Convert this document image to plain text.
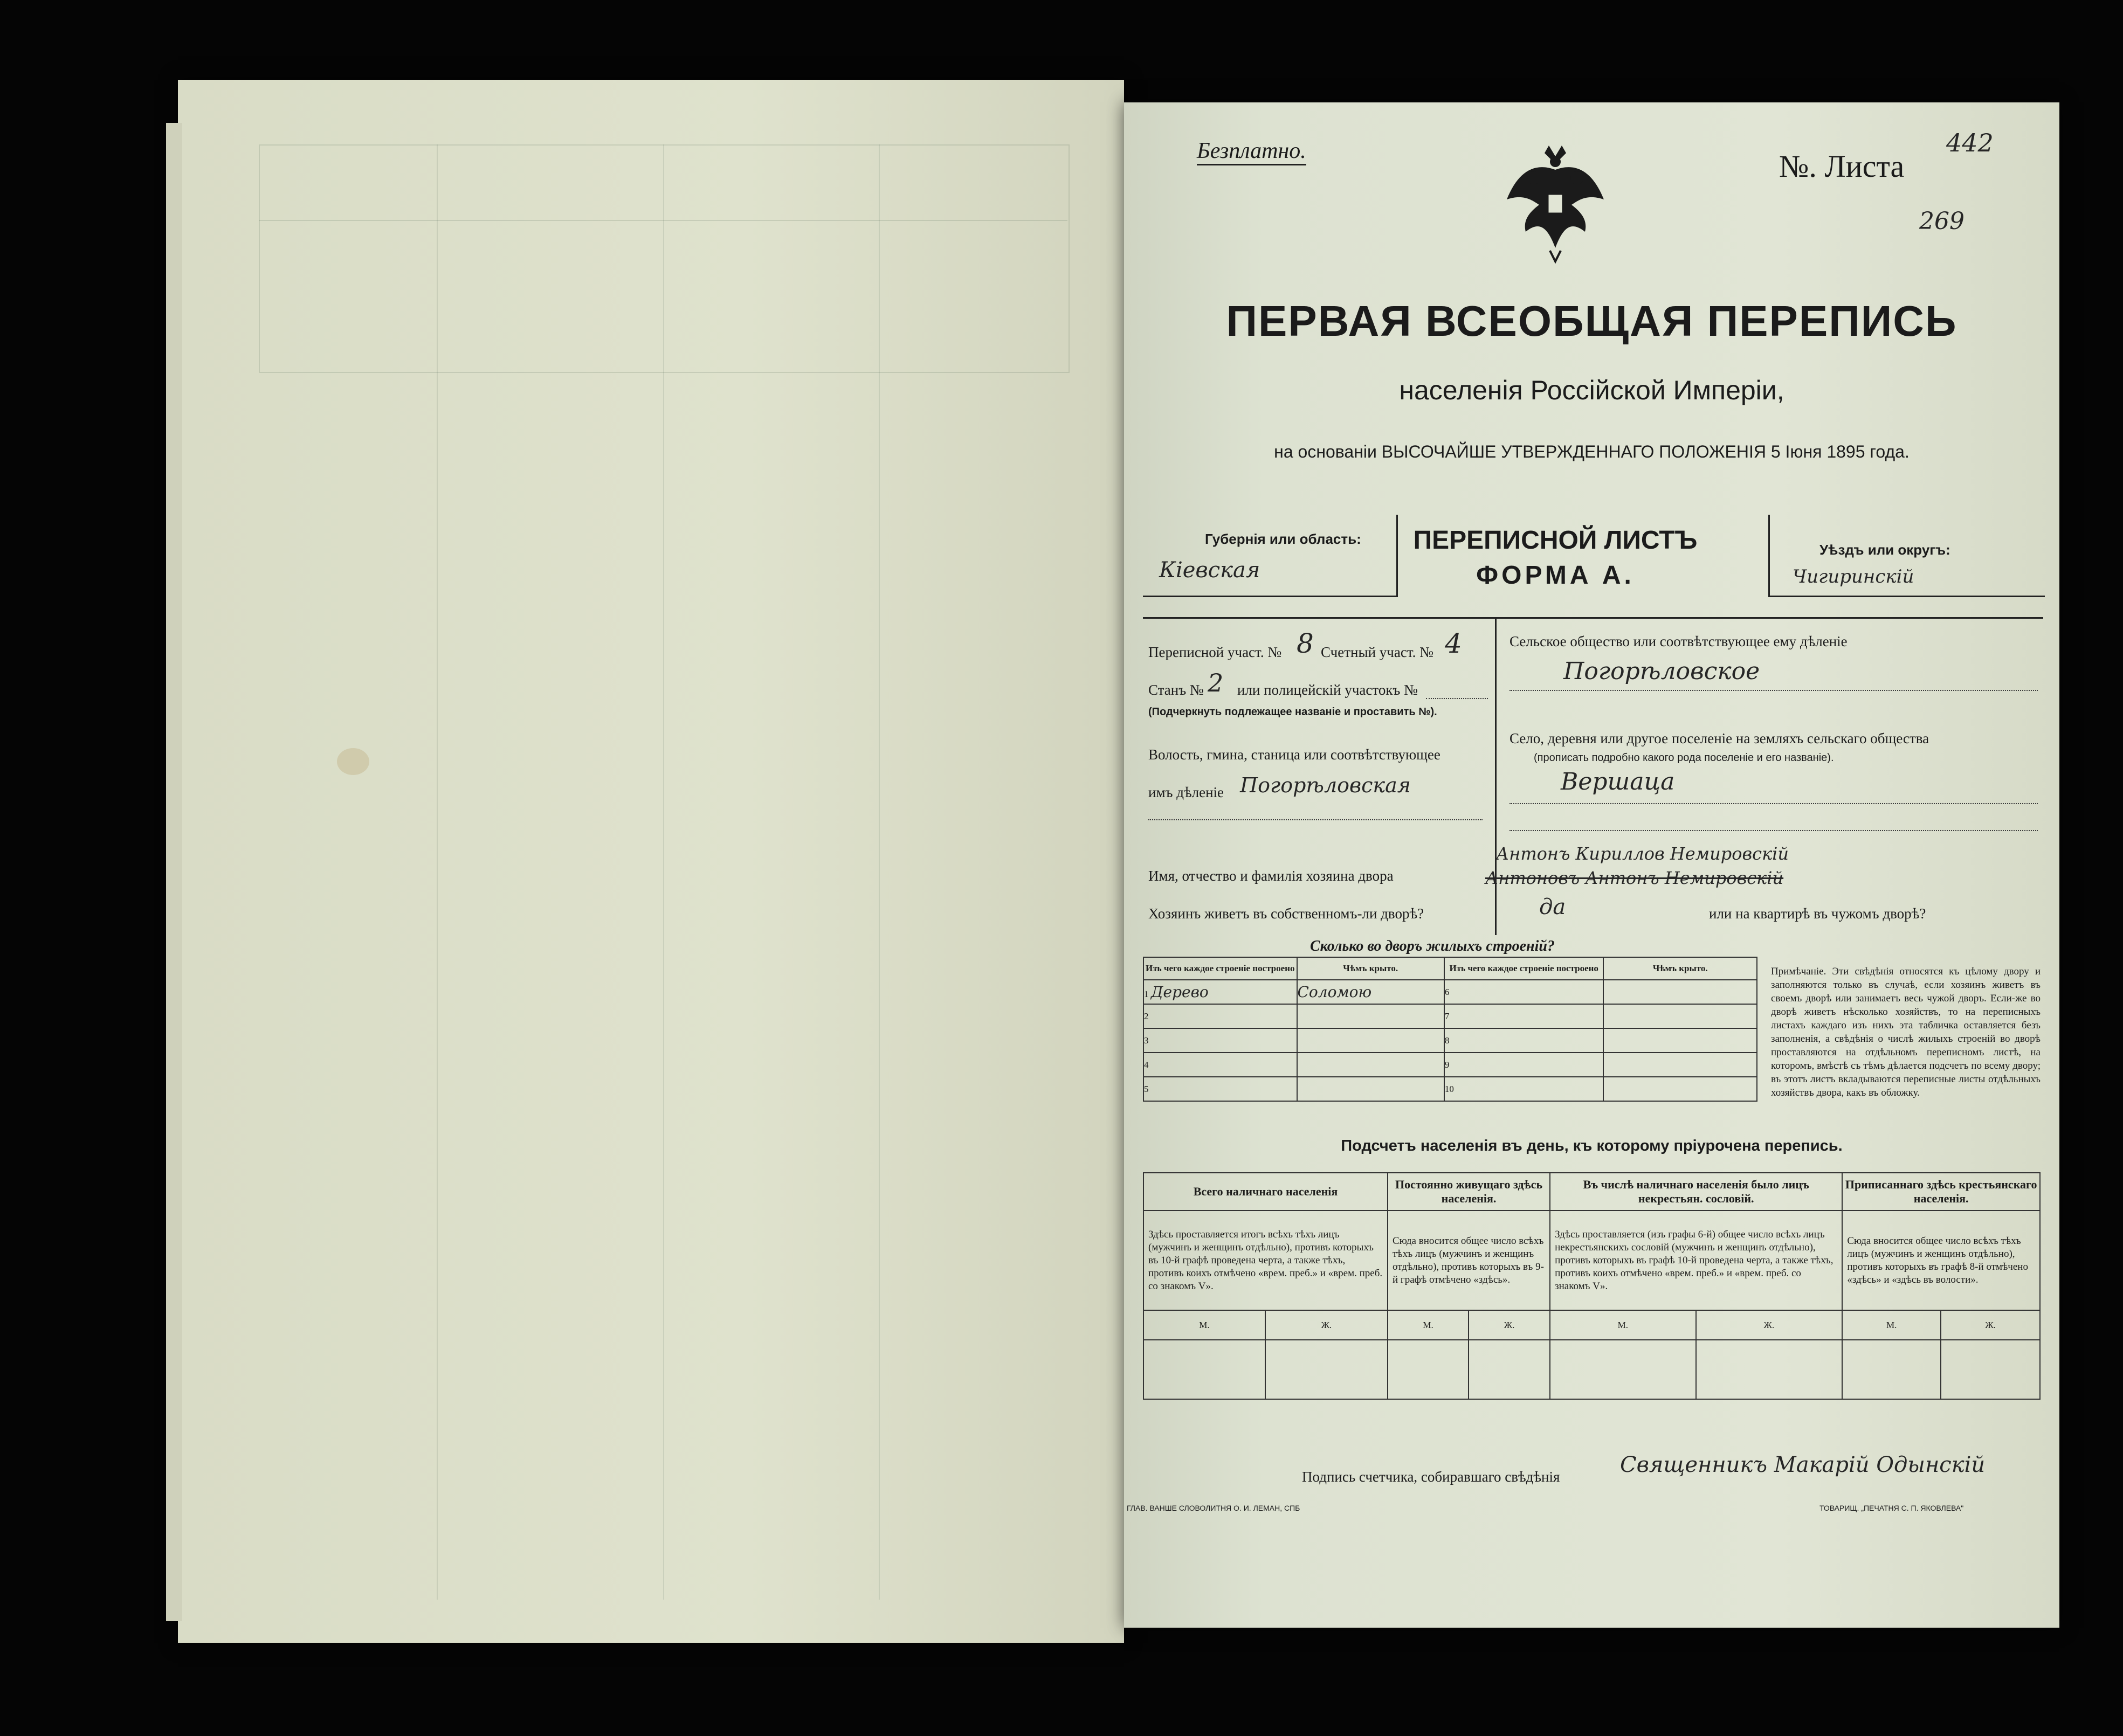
Безплатно.	№. Листа
442
269
ПЕРВАЯ ВСЕОБЩАЯ ПЕРЕПИСЬ
населенія Россійской Имперіи,
на основаніи ВЫСОЧАЙШЕ УТВЕРЖДЕННАГО ПОЛОЖЕНІЯ 5 Іюня 1895 года.
Губернія или область:
Кіевская
ПЕРЕПИСНОЙ ЛИСТЪ
ФОРМА А.
Уѣздъ или округъ:
Чигиринскій
Переписной участ. № 8 Счетный участ. № 4
Станъ № 2 или полицейскій участокъ №
(Подчеркнуть подлежащее названіе и проставить №).
Волость, гмина, станица или соотвѣтствующее
имъ дѣленіе Погорѣловская
Сельское общество или соотвѣтствующее ему дѣленіе
Погорѣловское
Село, деревня или другое поселеніе на земляхъ сельскаго общества
(прописать подробно какого рода поселеніе и его названіе).
Вершаца
Имя, отчество и фамилія хозяина двора
Антонъ Кириллов Немировскій
Антоновъ Антонъ Немировскій
Хозяинъ живетъ въ собственномъ-ли дворѣ?	да	или на квартирѣ въ чужомъ дворѣ?
Сколько во дворъ жилыхъ строеній?
Изъ чего каждое строеніе построено	Чѣмъ крыто.	Изъ чего каждое строеніе построено	Чѣмъ крыто.
1 Дерево	Соломою	6	
2		7	
3		8	
4		9	
5		10	
Примѣчаніе. Эти свѣдѣнія относятся къ цѣлому двору и заполняются только въ случаѣ, если хозяинъ живетъ въ своемъ дворѣ или занимаетъ весь чужой дворъ. Если-же во дворѣ живетъ нѣсколько хозяйствъ, то на переписныхъ листахъ каждаго изъ нихъ эта табличка оставляется безъ заполненія, а свѣдѣнія о числѣ жилыхъ строеній во дворѣ проставляются на отдѣльномъ переписномъ листѣ, на которомъ, вмѣстѣ съ тѣмъ дѣлается подсчетъ по всему двору; въ этотъ листъ вкладываются переписные листы отдѣльныхъ хозяйствъ двора, какъ въ обложку.
Подсчетъ населенія въ день, къ которому пріурочена перепись.
Всего наличнаго населенія		Постоянно живущаго здѣсь населенія.		Въ числѣ наличнаго населенія было лицъ некрестьян. сословій.		Приписаннаго здѣсь крестьянскаго населенія.	
Здѣсь проставляется итогъ всѣхъ тѣхъ лицъ (мужчинъ и женщинъ отдѣльно), противъ которыхъ въ 10-й графѣ проведена черта, а также тѣхъ, противъ коихъ отмѣчено «врем. преб.» и «врем. преб. со знакомъ V».		Сюда вносится общее число всѣхъ тѣхъ лицъ (мужчинъ и женщинъ отдѣльно), противъ которыхъ въ 9-й графѣ отмѣчено «здѣсь».		Здѣсь проставляется (изъ графы 6-й) общее число всѣхъ лицъ некрестьянскихъ сословій (мужчинъ и женщинъ отдѣльно), противъ которыхъ въ графѣ 10-й проведена черта, а также тѣхъ, противъ коихъ отмѣчено «врем. преб.» и «врем. преб. со знакомъ V».		Сюда вносится общее число всѣхъ тѣхъ лицъ (мужчинъ и женщинъ отдѣльно), противъ которыхъ въ графѣ 8-й отмѣчено «здѣсь» и «здѣсь въ волости».	
М.	Ж.	М.	Ж.	М.	Ж.	М.	Ж.

Подпись счетчика, собиравшаго свѣдѣнія	Священникъ Макарій Одынскій
ГЛАВ. ВАНШЕ СЛОВОЛИТНЯ О. И. ЛЕМАН, СПБ	ТОВАРИЩ. „ПЕЧАТНЯ С. П. ЯКОВЛЕВА"
